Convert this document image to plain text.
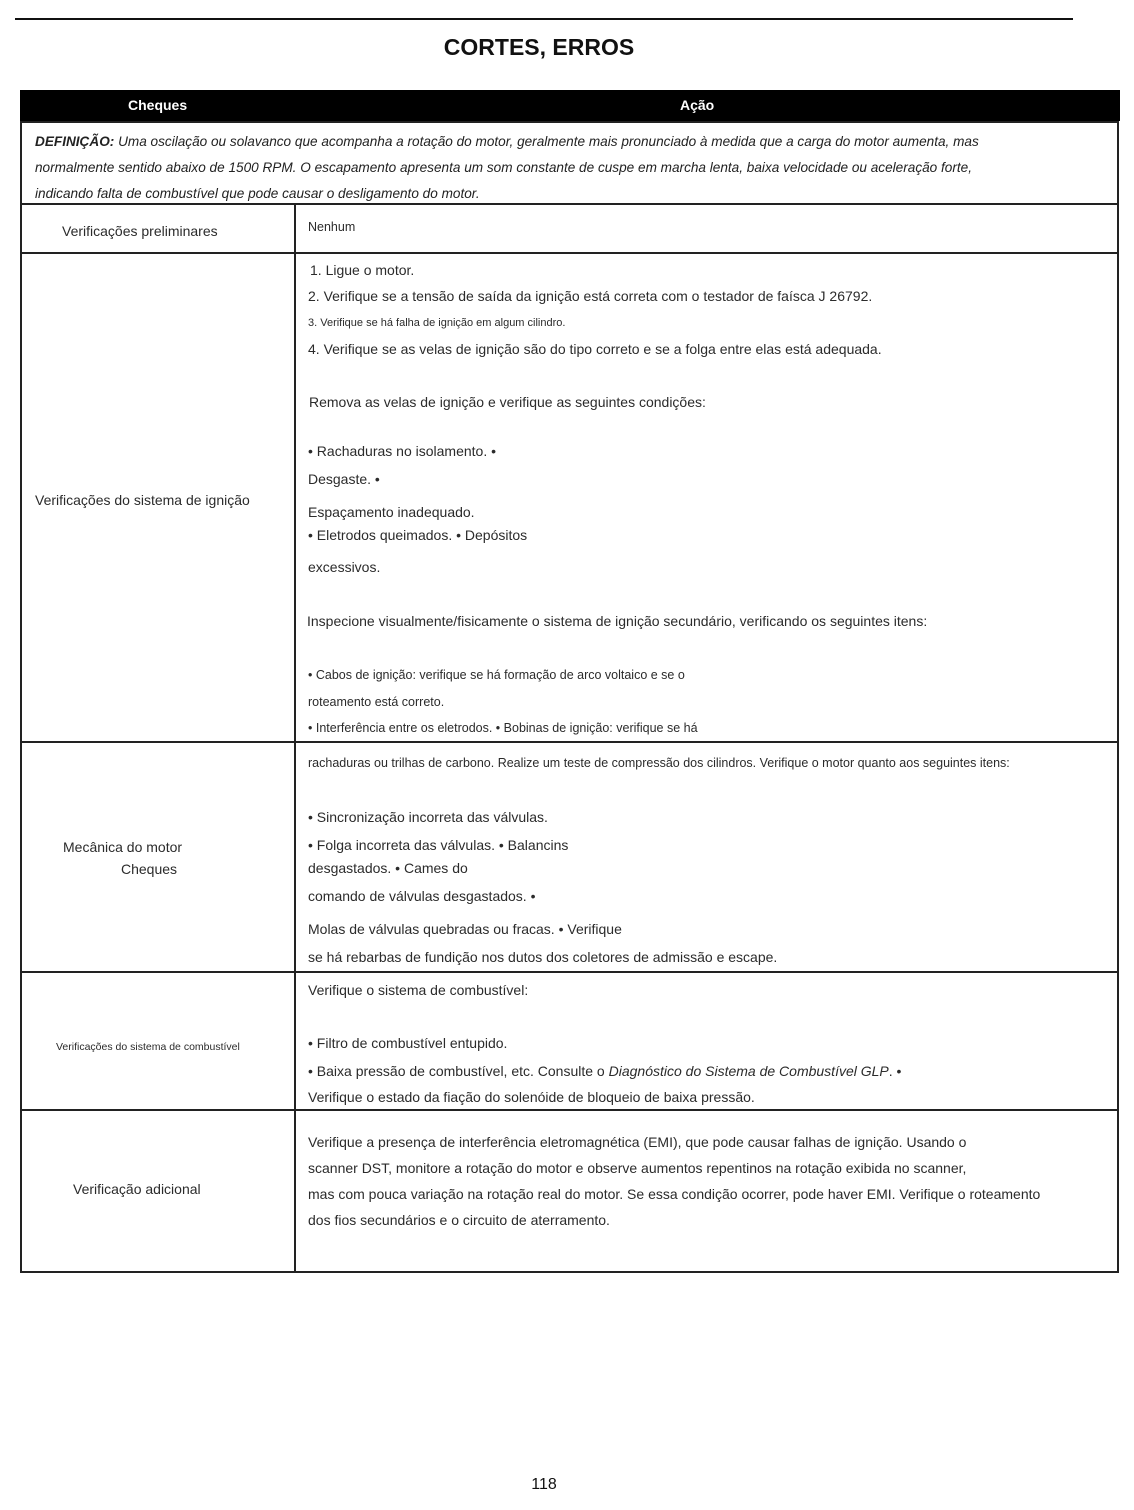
CORTES, ERROS
Cheques	Ação
DEFINIÇÃO: Uma oscilação ou solavanco que acompanha a rotação do motor, geralmente mais pronunciado à medida que a carga do motor aumenta, mas
normalmente sentido abaixo de 1500 RPM. O escapamento apresenta um som constante de cuspe em marcha lenta, baixa velocidade ou aceleração forte,
indicando falta de combustível que pode causar o desligamento do motor.
Verificações preliminares	Nenhum
Verificações do sistema de ignição
1. Ligue o motor.
2. Verifique se a tensão de saída da ignição está correta com o testador de faísca J 26792.
3. Verifique se há falha de ignição em algum cilindro.
4. Verifique se as velas de ignição são do tipo correto e se a folga entre elas está adequada.
Remova as velas de ignição e verifique as seguintes condições:
• Rachaduras no isolamento. •
Desgaste. •
Espaçamento inadequado.
• Eletrodos queimados. • Depósitos
excessivos.
Inspecione visualmente/fisicamente o sistema de ignição secundário, verificando os seguintes itens:
• Cabos de ignição: verifique se há formação de arco voltaico e se o
roteamento está correto.
• Interferência entre os eletrodos. • Bobinas de ignição: verifique se há
Mecânica do motor
Cheques
rachaduras ou trilhas de carbono. Realize um teste de compressão dos cilindros. Verifique o motor quanto aos seguintes itens:
• Sincronização incorreta das válvulas.
• Folga incorreta das válvulas. • Balancins
desgastados. • Cames do
comando de válvulas desgastados. •
Molas de válvulas quebradas ou fracas. • Verifique
se há rebarbas de fundição nos dutos dos coletores de admissão e escape.
Verificações do sistema de combustível
Verifique o sistema de combustível:
• Filtro de combustível entupido.
• Baixa pressão de combustível, etc. Consulte o Diagnóstico do Sistema de Combustível GLP. •
Verifique o estado da fiação do solenóide de bloqueio de baixa pressão.
Verificação adicional
Verifique a presença de interferência eletromagnética (EMI), que pode causar falhas de ignição. Usando o
scanner DST, monitore a rotação do motor e observe aumentos repentinos na rotação exibida no scanner,
mas com pouca variação na rotação real do motor. Se essa condição ocorrer, pode haver EMI. Verifique o roteamento
dos fios secundários e o circuito de aterramento.
118
